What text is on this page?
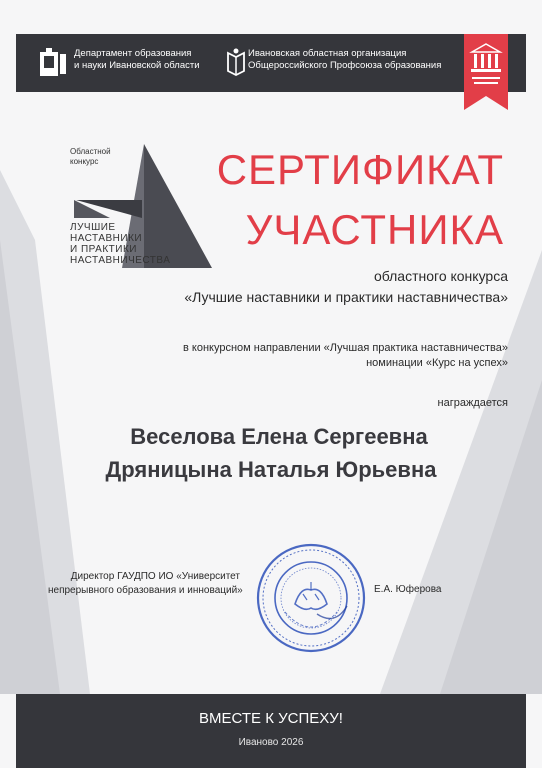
Департамент образования
и науки Ивановской области
Ивановская областная организация
Общероссийского Профсоюза образования
Областной
конкурс
ЛУЧШИЕ
НАСТАВНИКИ
И ПРАКТИКИ
НАСТАВНИЧЕСТВА
СЕРТИФИКАТ
УЧАСТНИКА
областного конкурса
«Лучшие наставники и практики наставничества»
в конкурсном направлении «Лучшая практика наставничества»
номинации «Курс на успех»
награждается
Веселова Елена Сергеевна
Дряницына Наталья Юрьевна
Директор ГАУДПО ИО «Университет
непрерывного образования и инноваций»	Е.А. Юферова
ВМЕСТЕ К УСПЕХУ!
Иваново 2026
